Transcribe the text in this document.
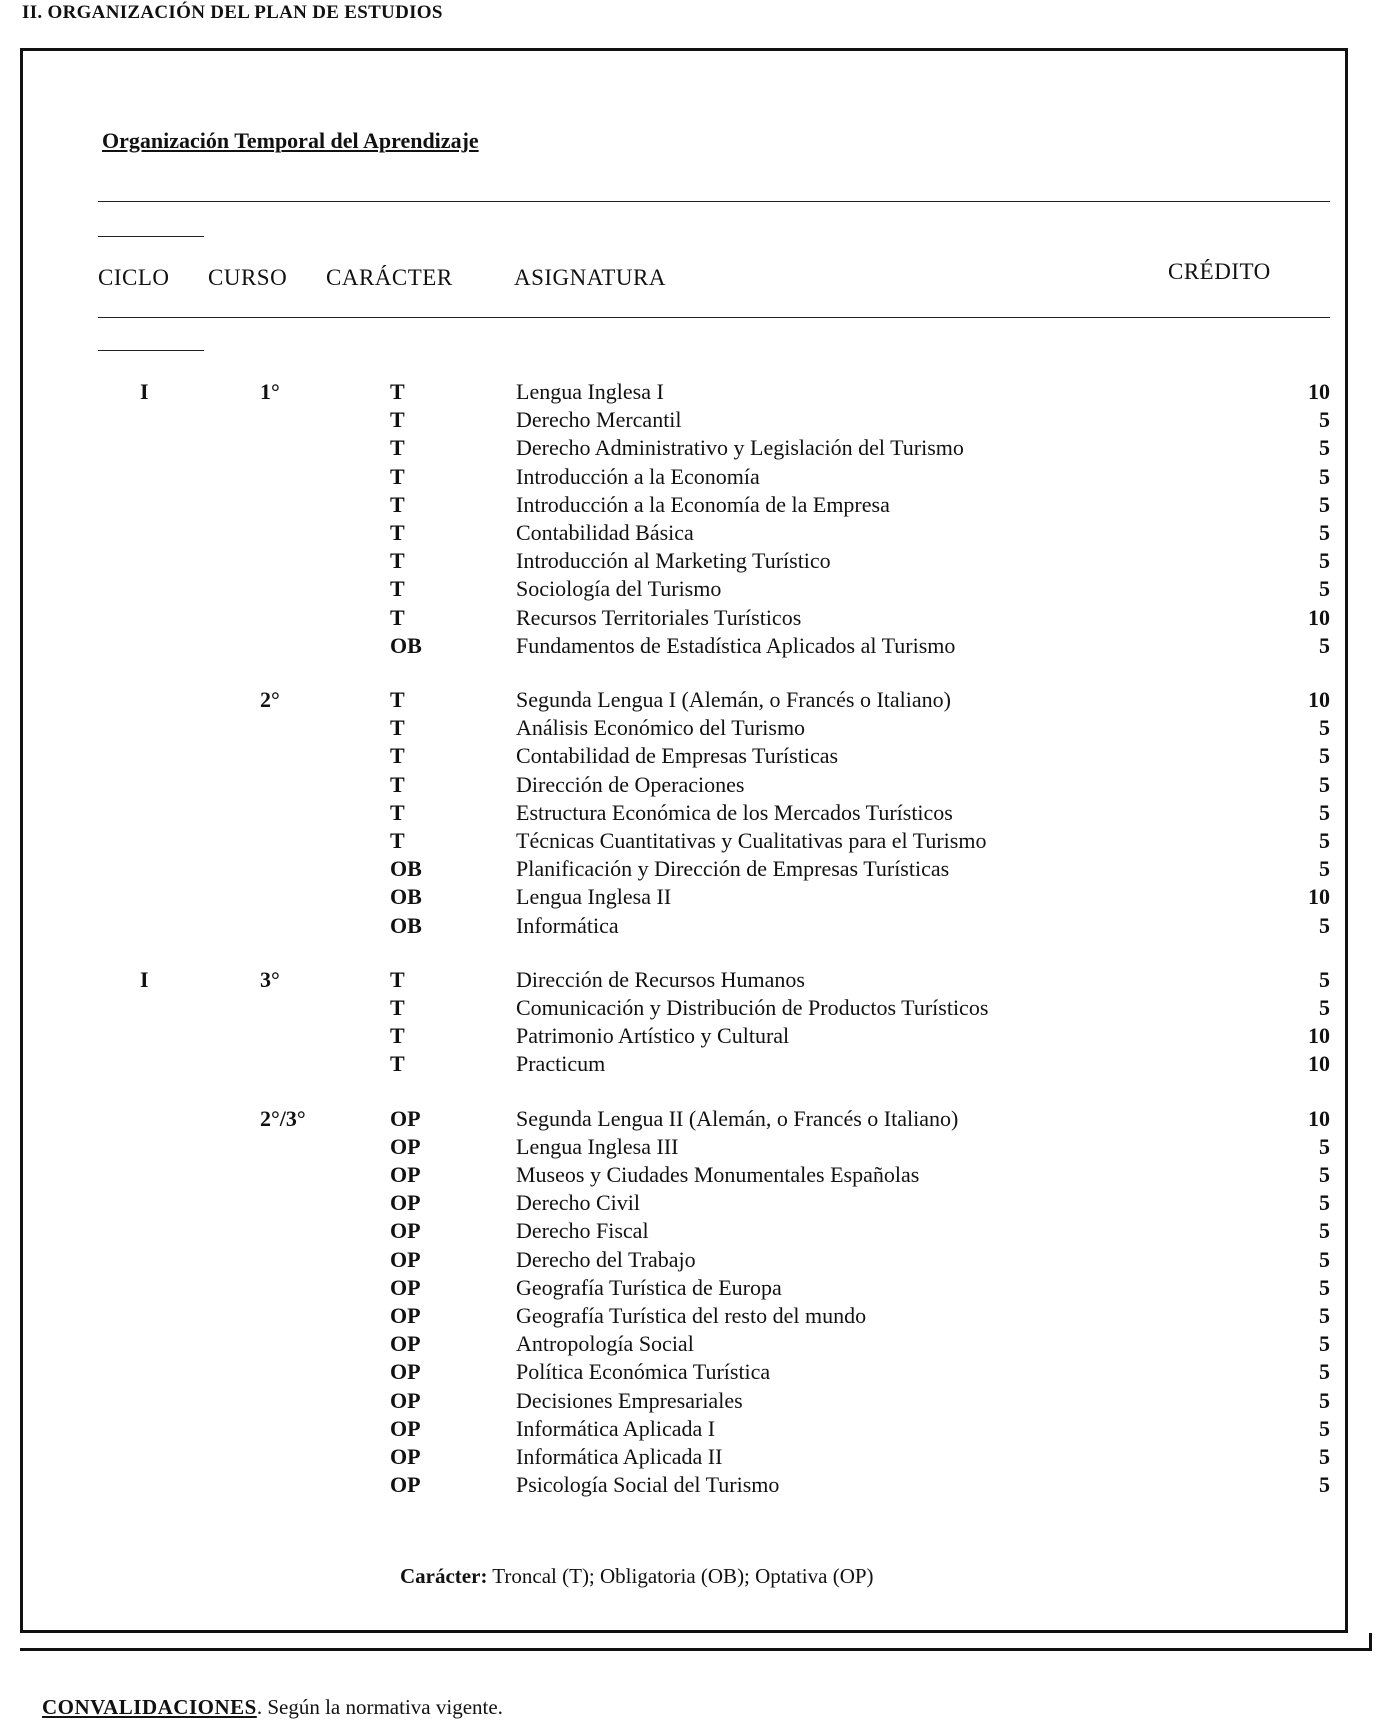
II. ORGANIZACIÓN DEL PLAN DE ESTUDIOS
Organización Temporal del Aprendizaje
CICLO CURSO CARÁCTER	ASIGNATURA	CRÉDITO
I	1°	T	Lengua Inglesa I	10
T	Derecho Mercantil	5
T	Derecho Administrativo y Legislación del Turismo	5
T	Introducción a la Economía	5
T	Introducción a la Economía de la Empresa	5
T	Contabilidad Básica	5
T	Introducción al Marketing Turístico	5
T	Sociología del Turismo	5
T	Recursos Territoriales Turísticos	10
OB	Fundamentos de Estadística Aplicados al Turismo	5
2°	T	Segunda Lengua I (Alemán, o Francés o Italiano)	10
T	Análisis Económico del Turismo	5
T	Contabilidad de Empresas Turísticas	5
T	Dirección de Operaciones	5
T	Estructura Económica de los Mercados Turísticos	5
T	Técnicas Cuantitativas y Cualitativas para el Turismo	5
OB	Planificación y Dirección de Empresas Turísticas	5
OB	Lengua Inglesa II	10
OB	Informática	5
I	3°	T	Dirección de Recursos Humanos	5
T	Comunicación y Distribución de Productos Turísticos	5
T	Patrimonio Artístico y Cultural	10
T	Practicum	10
2°/3°	OP	Segunda Lengua II (Alemán, o Francés o Italiano)	10
OP	Lengua Inglesa III	5
OP	Museos y Ciudades Monumentales Españolas	5
OP	Derecho Civil	5
OP	Derecho Fiscal	5
OP	Derecho del Trabajo	5
OP	Geografía Turística de Europa	5
OP	Geografía Turística del resto del mundo	5
OP	Antropología Social	5
OP	Política Económica Turística	5
OP	Decisiones Empresariales	5
OP	Informática Aplicada I	5
OP	Informática Aplicada II	5
OP	Psicología Social del Turismo	5
Carácter: Troncal (T); Obligatoria (OB); Optativa (OP)
CONVALIDACIONES. Según la normativa vigente.
